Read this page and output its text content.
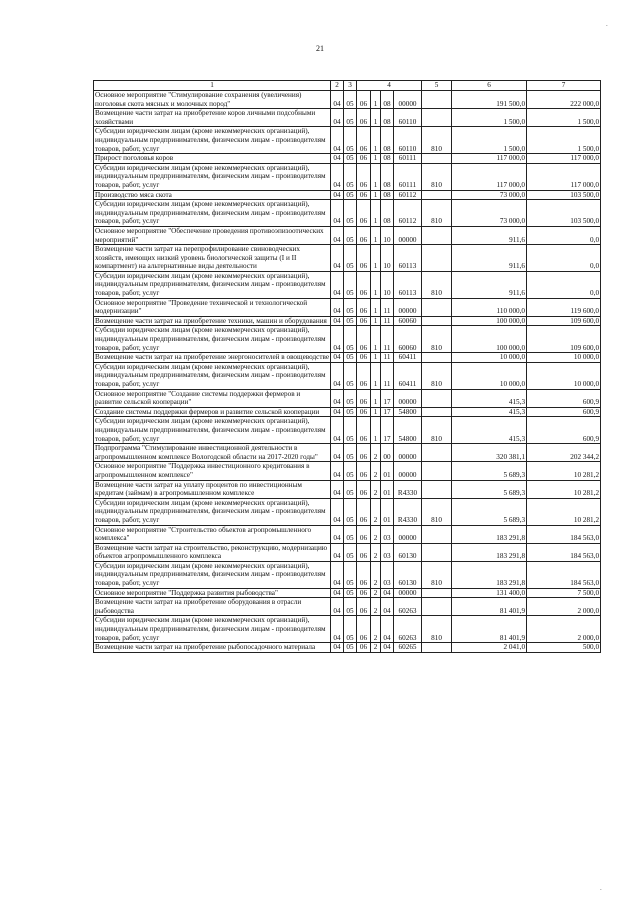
21
.
.
1	2	3	4				5	6	7
Основное мероприятие "Стимулирование сохранения (увеличения) поголовья скота мясных и молочных пород"	04	05	06	1	08	00000		191 500,0	222 000,0
Возмещение части затрат на приобретение коров личными подсобными хозяйствами	04	05	06	1	08	60110		1 500,0	1 500,0
Субсидии юридическим лицам (кроме некоммерческих организаций), индивидуальным предпринимателям, физическим лицам - производителям товаров, работ, услуг	04	05	06	1	08	60110	810	1 500,0	1 500,0
Прирост поголовья коров	04	05	06	1	08	60111		117 000,0	117 000,0
Субсидии юридическим лицам (кроме некоммерческих организаций), индивидуальным предпринимателям, физическим лицам - производителям товаров, работ, услуг	04	05	06	1	08	60111	810	117 000,0	117 000,0
Производство мяса скота	04	05	06	1	08	60112		73 000,0	103 500,0
Субсидии юридическим лицам (кроме некоммерческих организаций), индивидуальным предпринимателям, физическим лицам - производителям товаров, работ, услуг	04	05	06	1	08	60112	810	73 000,0	103 500,0
Основное мероприятие "Обеспечение проведения противоэпизоотических мероприятий"	04	05	06	1	10	00000		911,6	0,0
Возмещение части затрат на перепрофилирование свиноводческих хозяйств, имеющих низкий уровень биологической защиты (I и II компартмент) на альтернативные виды деятельности	04	05	06	1	10	60113		911,6	0,0
Субсидии юридическим лицам (кроме некоммерческих организаций), индивидуальным предпринимателям, физическим лицам - производителям товаров, работ, услуг	04	05	06	1	10	60113	810	911,6	0,0
Основное мероприятие "Проведение технической и технологической модернизации"	04	05	06	1	11	00000		110 000,0	119 600,0
Возмещение части затрат на приобретение техники, машин и оборудования	04	05	06	1	11	60060		100 000,0	109 600,0
Субсидии юридическим лицам (кроме некоммерческих организаций), индивидуальным предпринимателям, физическим лицам - производителям товаров, работ, услуг	04	05	06	1	11	60060	810	100 000,0	109 600,0
Возмещение части затрат на приобретение энергоносителей в овощеводстве	04	05	06	1	11	60411		10 000,0	10 000,0
Субсидии юридическим лицам (кроме некоммерческих организаций), индивидуальным предпринимателям, физическим лицам - производителям товаров, работ, услуг	04	05	06	1	11	60411	810	10 000,0	10 000,0
Основное мероприятие "Создание системы поддержки фермеров и развитие сельской кооперации"	04	05	06	1	17	00000		415,3	600,9
Создание системы поддержки фермеров и развитие сельской кооперации	04	05	06	1	17	54800		415,3	600,9
Субсидии юридическим лицам (кроме некоммерческих организаций), индивидуальным предпринимателям, физическим лицам - производителям товаров, работ, услуг	04	05	06	1	17	54800	810	415,3	600,9
Подпрограмма "Стимулирование инвестиционной деятельности в агропромышленном комплексе Вологодской области на 2017-2020 годы"	04	05	06	2	00	00000		320 381,1	202 344,2
Основное мероприятие "Поддержка инвестиционного кредитования в агропромышленном комплексе"	04	05	06	2	01	00000		5 689,3	10 281,2
Возмещение части затрат на уплату процентов по инвестиционным кредитам (займам) в агропромышленном комплексе	04	05	06	2	01	R4330		5 689,3	10 281,2
Субсидии юридическим лицам (кроме некоммерческих организаций), индивидуальным предпринимателям, физическим лицам - производителям товаров, работ, услуг	04	05	06	2	01	R4330	810	5 689,3	10 281,2
Основное мероприятие "Строительство объектов агропромышленного комплекса"	04	05	06	2	03	00000		183 291,8	184 563,0
Возмещение части затрат на строительство, реконструкцию, модернизацию объектов агропромышленного комплекса	04	05	06	2	03	60130		183 291,8	184 563,0
Субсидии юридическим лицам (кроме некоммерческих организаций), индивидуальным предпринимателям, физическим лицам - производителям товаров, работ, услуг	04	05	06	2	03	60130	810	183 291,8	184 563,0
Основное мероприятие "Поддержка развития рыбоводства"	04	05	06	2	04	00000		131 400,0	7 500,0
Возмещение части затрат на приобретение оборудования в отрасли рыбоводства	04	05	06	2	04	60263		81 401,9	2 000,0
Субсидии юридическим лицам (кроме некоммерческих организаций), индивидуальным предпринимателям, физическим лицам - производителям товаров, работ, услуг	04	05	06	2	04	60263	810	81 401,9	2 000,0
Возмещение части затрат на приобретение рыбопосадочного материала	04	05	06	2	04	60265		2 041,0	500,0
